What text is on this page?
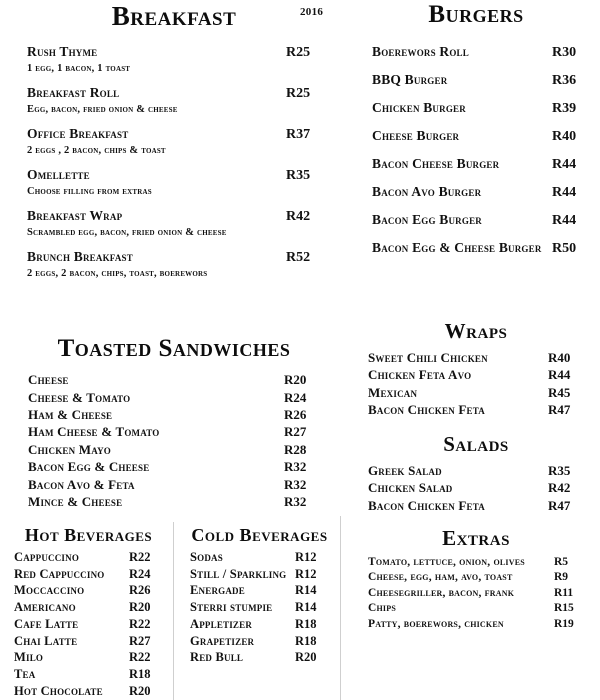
2016
Breakfast
Rush Thyme	R25
1 egg, 1 bacon, 1 toast
Breakfast Roll	R25
Egg, bacon, fried onion & cheese
Office Breakfast	R37
2 eggs , 2 bacon, chips & toast
Omellette	R35
Choose filling from extras
Breakfast Wrap	R42
Scrambled egg, bacon, fried onion & cheese
Brunch Breakfast	R52
2 eggs, 2 bacon, chips, toast, boerewors
Toasted Sandwiches
Cheese	R20
Cheese & Tomato	R24
Ham & Cheese	R26
Ham Cheese & Tomato	R27
Chicken Mayo	R28
Bacon Egg & Cheese	R32
Bacon Avo & Feta	R32
Mince & Cheese	R32
Hot Beverages
Cappuccino	R22
Red Cappuccino	R24
Moccaccino	R26
Americano	R20
Cafe Latte	R22
Chai Latte	R27
Milo	R22
Tea	R18
Hot Chocolate	R20
Cold Beverages
Sodas	R12
Still / Sparkling R12
Energade	R14
Sterri stumpie	R14
Appletizer	R18
Grapetizer	R18
Red Bull	R20
Burgers
Boerewors Roll	R30
BBQ Burger	R36
Chicken Burger	R39
Cheese Burger	R40
Bacon Cheese Burger	R44
Bacon Avo Burger	R44
Bacon Egg Burger	R44
Bacon Egg & Cheese Burger R50
Wraps
Sweet Chili Chicken	R40
Chicken Feta Avo	R44
Mexican	R45
Bacon Chicken Feta	R47
Salads
Greek Salad	R35
Chicken Salad	R42
Bacon Chicken Feta	R47
Extras
Tomato, lettuce, onion, olives	R5
Cheese, egg, ham, avo, toast	R9
Cheesegriller, bacon, frank	R11
Chips	R15
Patty, boerewors, chicken	R19
